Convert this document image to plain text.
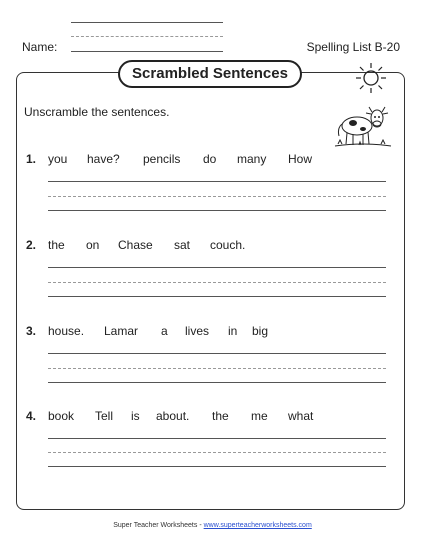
Name:	Spelling List B-20
Scrambled Sentences
Unscramble the sentences.
1. you have? pencils do many How
2. the on Chase sat couch.
3. house. Lamar a lives in big
4. book Tell is about. the me what
Super Teacher Worksheets - www.superteacherworksheets.com
